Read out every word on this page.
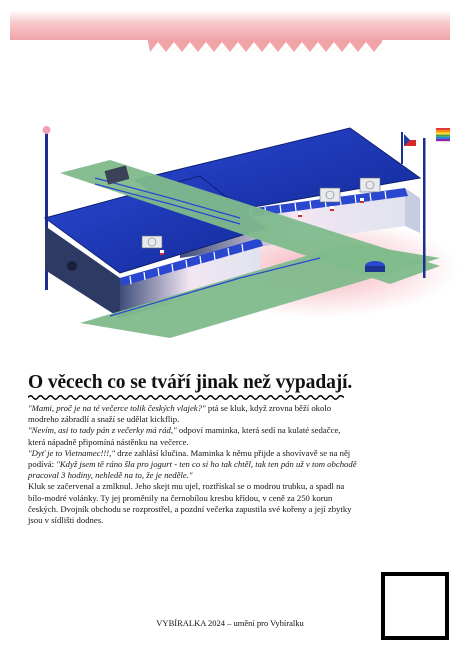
O věcech co se tváří jinak než vypadají.

"Mami, proč je na té večerce tolik českých vlajek?" ptá se kluk, když zrovna běží okolo modreho zábradlí a snaží se udělat kickflip.

"Nevím, asi to tady pán z večerky má rád," odpoví maminka, která sedí na kulaté sedačce, která nápadně připomíná nástěnku na večerce.

"Dyť je to Vietnamec!!!," drze zahlásí klučina. Maminka k němu přijde a shovívavě se na něj podívá: "Když jsem tě ráno šla pro jogurt - ten co si ho tak chtěl, tak ten pán už v tom obchodě pracoval 3 hodiny, nehledě na to, že je neděle."

Kluk se začervenal a zmlknul. Jeho skejt mu ujel, roztřískal se o modrou trubku, a spadl na bílo-modré volánky. Ty jej proměnily na černobílou kresbu křídou, v ceně za 250 korun českých. Dvojník obchodu se rozprostřel, a pozdní večerka zapustila své kořeny a její zbytky jsou v sídlišti dodnes.

VYBÍRALKA 2024 – umění pro Vybíralku
